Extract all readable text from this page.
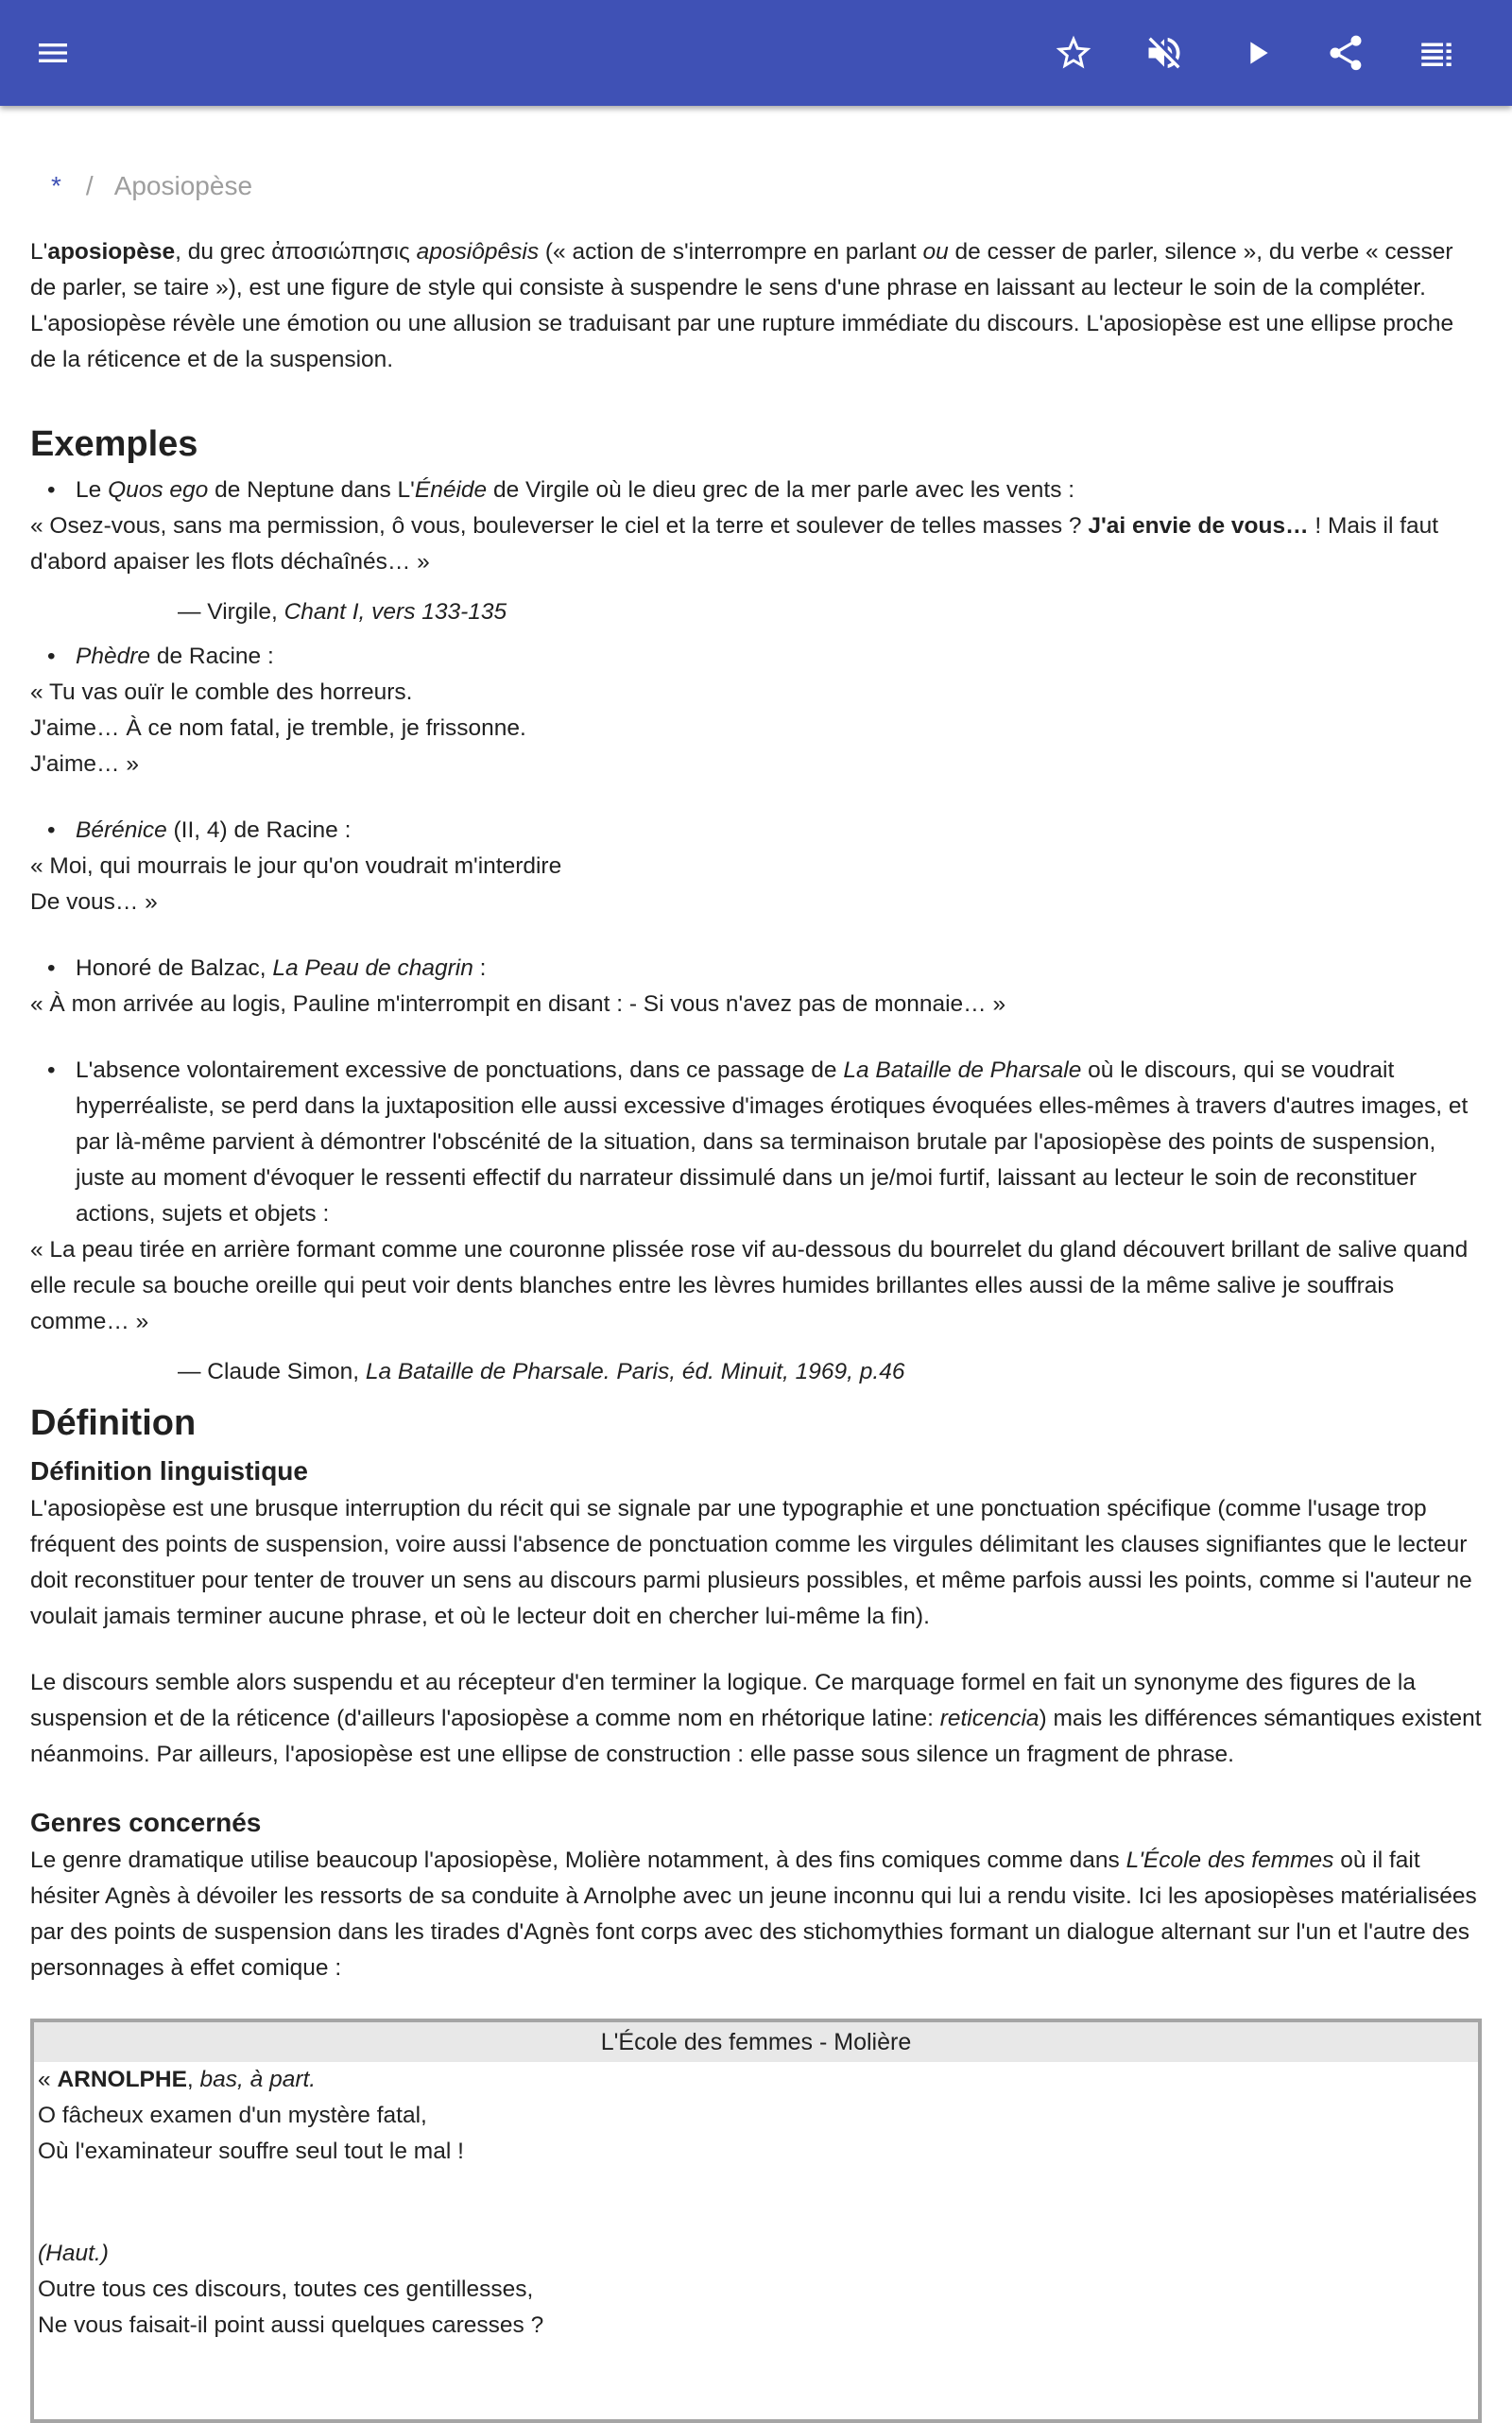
* / Aposiopèse

L'aposiopèse, du grec ἀποσιώπησις aposiôpêsis (« action de s'interrompre en parlant ou de cesser de parler, silence », du verbe « cesser de parler, se taire »), est une figure de style qui consiste à suspendre le sens d'une phrase en laissant au lecteur le soin de la compléter. L'aposiopèse révèle une émotion ou une allusion se traduisant par une rupture immédiate du discours. L'aposiopèse est une ellipse proche de la réticence et de la suspension.

Exemples
• Le Quos ego de Neptune dans L'Énéide de Virgile où le dieu grec de la mer parle avec les vents :

« Osez-vous, sans ma permission, ô vous, bouleverser le ciel et la terre et soulever de telles masses ? J'ai envie de vous… ! Mais il faut d'abord apaiser les flots déchaînés… »

— Virgile, Chant I, vers 133-135

• Phèdre de Racine :

« Tu vas ouïr le comble des horreurs.

J'aime… À ce nom fatal, je tremble, je frissonne.

J'aime… »

• Bérénice (II, 4) de Racine :

« Moi, qui mourrais le jour qu'on voudrait m'interdire

De vous… »

• Honoré de Balzac, La Peau de chagrin :

« À mon arrivée au logis, Pauline m'interrompit en disant : - Si vous n'avez pas de monnaie… »

• L'absence volontairement excessive de ponctuations, dans ce passage de La Bataille de Pharsale où le discours, qui se voudrait hyperréaliste, se perd dans la juxtaposition elle aussi excessive d'images érotiques évoquées elles-mêmes à travers d'autres images, et par là-même parvient à démontrer l'obscénité de la situation, dans sa terminaison brutale par l'aposiopèse des points de suspension, juste au moment d'évoquer le ressenti effectif du narrateur dissimulé dans un je/moi furtif, laissant au lecteur le soin de reconstituer actions, sujets et objets :

« La peau tirée en arrière formant comme une couronne plissée rose vif au-dessous du bourrelet du gland découvert brillant de salive quand elle recule sa bouche oreille qui peut voir dents blanches entre les lèvres humides brillantes elles aussi de la même salive je souffrais comme… »

— Claude Simon, La Bataille de Pharsale. Paris, éd. Minuit, 1969, p.46

Définition
Définition linguistique

L'aposiopèse est une brusque interruption du récit qui se signale par une typographie et une ponctuation spécifique (comme l'usage trop fréquent des points de suspension, voire aussi l'absence de ponctuation comme les virgules délimitant les clauses signifiantes que le lecteur doit reconstituer pour tenter de trouver un sens au discours parmi plusieurs possibles, et même parfois aussi les points, comme si l'auteur ne voulait jamais terminer aucune phrase, et où le lecteur doit en chercher lui-même la fin).

Le discours semble alors suspendu et au récepteur d'en terminer la logique. Ce marquage formel en fait un synonyme des figures de la suspension et de la réticence (d'ailleurs l'aposiopèse a comme nom en rhétorique latine: reticencia) mais les différences sémantiques existent néanmoins. Par ailleurs, l'aposiopèse est une ellipse de construction : elle passe sous silence un fragment de phrase.

Genres concernés

Le genre dramatique utilise beaucoup l'aposiopèse, Molière notamment, à des fins comiques comme dans L'École des femmes où il fait hésiter Agnès à dévoiler les ressorts de sa conduite à Arnolphe avec un jeune inconnu qui lui a rendu visite. Ici les aposiopèses matérialisées par des points de suspension dans les tirades d'Agnès font corps avec des stichomythies formant un dialogue alternant sur l'un et l'autre des personnages à effet comique :

L'École des femmes - Molière

« ARNOLPHE, bas, à part.
O fâcheux examen d'un mystère fatal,
Où l'examinateur souffre seul tout le mal !
(Haut.)
Outre tous ces discours, toutes ces gentillesses,
Ne vous faisait-il point aussi quelques caresses ?
